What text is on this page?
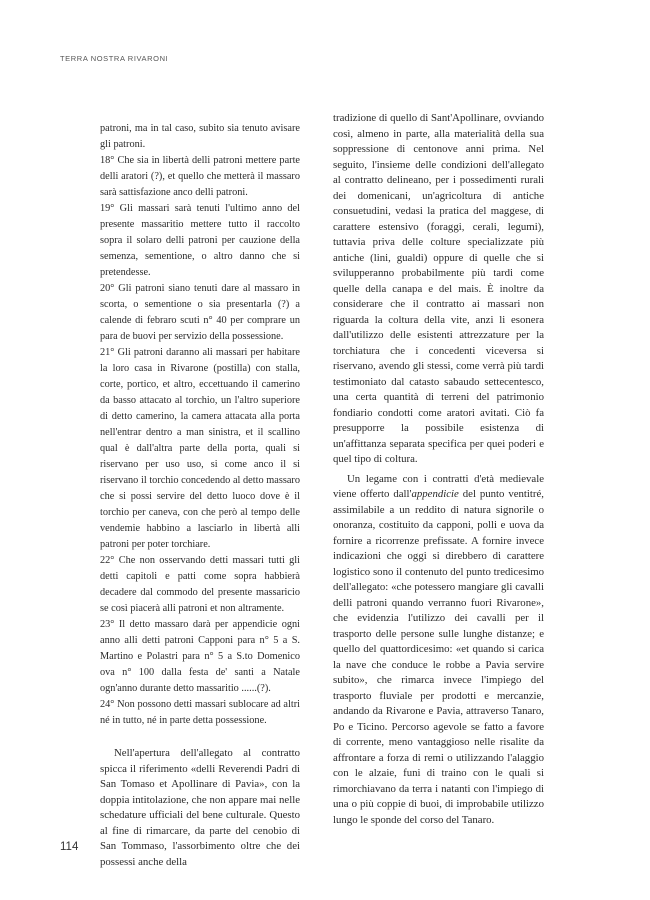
TERRA NOSTRA RIVARONI

patroni, ma in tal caso, subito sia tenuto avisare gli patroni.

18° Che sia in libertà delli patroni mettere parte delli aratori (?), et quello che metterà il massaro sarà sattisfazione anco delli patroni.

19° Gli massari sarà tenuti l'ultimo anno del presente massaritio mettere tutto il raccolto sopra il solaro delli patroni per cauzione della semenza, sementione, o altro danno che si pretendesse.

20° Gli patroni siano tenuti dare al massaro in scorta, o sementione o sia presentarla (?) a calende di febraro scuti n° 40 per comprare un para de buovi per servizio della possessione.

21° Gli patroni daranno ali massari per habitare la loro casa in Rivarone (postilla) con stalla, corte, portico, et altro, eccettuando il camerino da basso attacato al torchio, un l'altro superiore di detto camerino, la camera attacata alla porta nell'entrar dentro a man sinistra, et il scallino qual è dall'altra parte della porta, quali si riservano per uso uso, si come anco il si riservano il torchio concedendo al detto massaro che si possi servire del detto luoco dove è il torchio per caneva, con che però al tempo delle vendemie habbino a lasciarlo in libertà alli patroni per poter torchiare.

22° Che non osservando detti massari tutti gli detti capitoli e patti come sopra habbierà decadere dal commodo del presente massaricio se così piacerà alli patroni et non altramente.

23° Il detto massaro darà per appendicie ogni anno alli detti patroni Capponi para n° 5 a S. Martino e Polastri para n° 5 a S.to Domenico ova n° 100 dalla festa de' santi a Natale ogn'anno durante detto massaritio ......(?).

24° Non possono detti massari sublocare ad altri né in tutto, né in parte detta possessione.

Nell'apertura dell'allegato al contratto spicca il riferimento «delli Reverendi Padri di San Tomaso et Apollinare di Pavia», con la doppia intitolazione, che non appare mai nelle schedature ufficiali del bene culturale. Questo al fine di rimarcare, da parte del cenobio di San Tommaso, l'assorbimento oltre che dei possessi anche della

tradizione di quello di Sant'Apollinare, ovviando così, almeno in parte, alla materialità della sua soppressione di centonove anni prima. Nel seguito, l'insieme delle condizioni dell'allegato al contratto delineano, per i possedimenti rurali dei domenicani, un'agricoltura di antiche consuetudini, vedasi la pratica del maggese, di carattere estensivo (foraggi, cerali, legumi), tuttavia priva delle colture specializzate più antiche (lini, gualdi) oppure di quelle che si svilupperanno probabilmente più tardi come quelle della canapa e del mais. È inoltre da considerare che il contratto ai massari non riguarda la coltura della vite, anzi li esonera dall'utilizzo delle esistenti attrezzature per la torchiatura che i concedenti viceversa si riservano, avendo gli stessi, come verrà più tardi testimoniato dal catasto sabaudo settecentesco, una certa quantità di terreni del patrimonio fondiario condotti come aratori avitati. Ciò fa presupporre la possibile esistenza di un'affittanza separata specifica per quei poderi e quel tipo di coltura.

Un legame con i contratti d'età medievale viene offerto dall'appendicie del punto ventitré, assimilabile a un reddito di natura signorile o onoranza, costituito da capponi, polli e uova da fornire a ricorrenze prefissate. A fornire invece indicazioni che oggi si direbbero di carattere logistico sono il contenuto del punto tredicesimo dell'allegato: «che potessero mangiare gli cavalli delli patroni quando verranno fuori Rivarone», che evidenzia l'utilizzo dei cavalli per il trasporto delle persone sulle lunghe distanze; e quello del quattordicesimo: «et quando si carica la nave che conduce le robbe a Pavia servire subito», che rimarca invece l'impiego del trasporto fluviale per prodotti e mercanzie, andando da Rivarone e Pavia, attraverso Tanaro, Po e Ticino. Percorso agevole se fatto a favore di corrente, meno vantaggioso nelle risalite da affrontare a forza di remi o utilizzando l'alaggio con le alzaie, funi di traino con le quali si rimorchiavano da terra i natanti con l'impiego di una o più coppie di buoi, di improbabile utilizzo lungo le sponde del corso del Tanaro.

114
